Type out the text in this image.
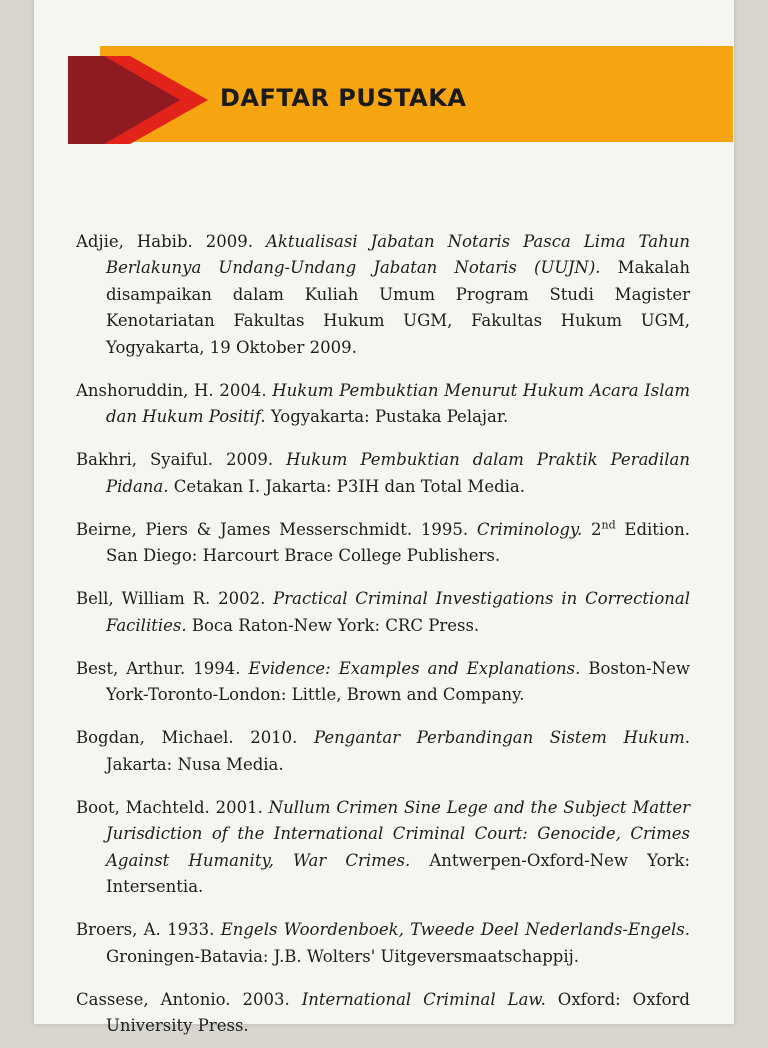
DAFTAR PUSTAKA

Adjie, Habib. 2009. Aktualisasi Jabatan Notaris Pasca Lima Tahun Berlakunya Undang-Undang Jabatan Notaris (UUJN). Makalah disampaikan dalam Kuliah Umum Program Studi Magister Kenotariatan Fakultas Hukum UGM, Fakultas Hukum UGM, Yogyakarta, 19 Oktober 2009.

Anshoruddin, H. 2004. Hukum Pembuktian Menurut Hukum Acara Islam dan Hukum Positif. Yogyakarta: Pustaka Pelajar.

Bakhri, Syaiful. 2009. Hukum Pembuktian dalam Praktik Peradilan Pidana. Cetakan I. Jakarta: P3IH dan Total Media.

Beirne, Piers & James Messerschmidt. 1995. Criminology. 2nd Edition. San Diego: Harcourt Brace College Publishers.

Bell, William R. 2002. Practical Criminal Investigations in Correctional Facilities. Boca Raton-New York: CRC Press.

Best, Arthur. 1994. Evidence: Examples and Explanations. Boston-New York-Toronto-London: Little, Brown and Company.

Bogdan, Michael. 2010. Pengantar Perbandingan Sistem Hukum. Jakarta: Nusa Media.

Boot, Machteld. 2001. Nullum Crimen Sine Lege and the Subject Matter Jurisdiction of the International Criminal Court: Genocide, Crimes Against Humanity, War Crimes. Antwerpen-Oxford-New York: Intersentia.

Broers, A. 1933. Engels Woordenboek, Tweede Deel Nederlands-Engels. Groningen-Batavia: J.B. Wolters' Uitgeversmaatschappij.

Cassese, Antonio. 2003. International Criminal Law. Oxford: Oxford University Press.
